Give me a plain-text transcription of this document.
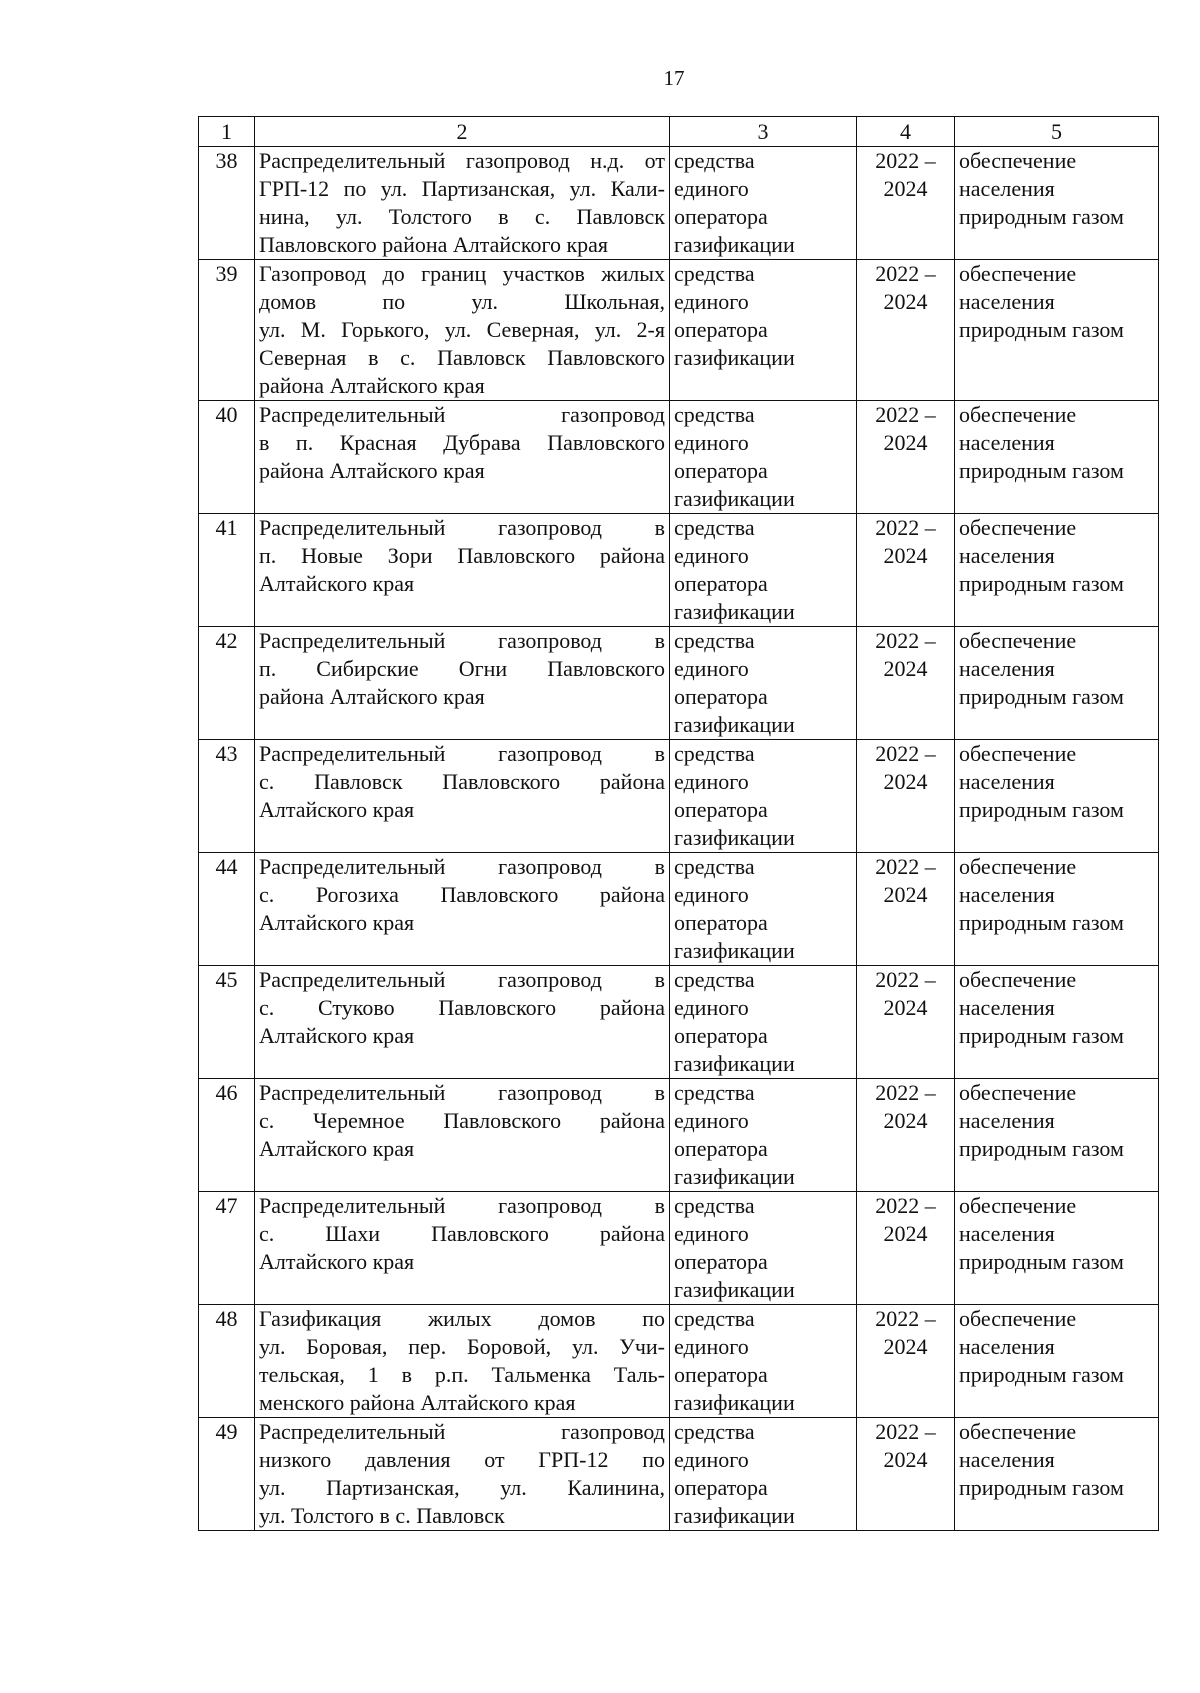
17
1	2	3	4	5
38	Распределительный газопровод н.д. от
ГРП-12 по ул. Партизанская, ул. Кали-
нина, ул. Толстого в с. Павловск
Павловского района Алтайского края	средства
единого
оператора
газификации	2022 –
2024	обеспечение
населения
природным газом

39	Газопровод до границ участков жилых
домов по ул. Школьная,
ул. М. Горького, ул. Северная, ул. 2-я
Северная в с. Павловск Павловского
района Алтайского края	средства
единого
оператора
газификации	2022 –
2024	обеспечение
населения
природным газом

40	Распределительный газопровод
в п. Красная Дубрава Павловского
района Алтайского края	средства
единого
оператора
газификации	2022 –
2024	обеспечение
населения
природным газом

41	Распределительный газопровод в
п. Новые Зори Павловского района
Алтайского края	средства
единого
оператора
газификации	2022 –
2024	обеспечение
населения
природным газом

42	Распределительный газопровод в
п. Сибирские Огни Павловского
района Алтайского края	средства
единого
оператора
газификации	2022 –
2024	обеспечение
населения
природным газом

43	Распределительный газопровод в
с. Павловск Павловского района
Алтайского края	средства
единого
оператора
газификации	2022 –
2024	обеспечение
населения
природным газом

44	Распределительный газопровод в
с. Рогозиха Павловского района
Алтайского края	средства
единого
оператора
газификации	2022 –
2024	обеспечение
населения
природным газом

45	Распределительный газопровод в
с. Стуково Павловского района
Алтайского края	средства
единого
оператора
газификации	2022 –
2024	обеспечение
населения
природным газом

46	Распределительный газопровод в
с. Черемное Павловского района
Алтайского края	средства
единого
оператора
газификации	2022 –
2024	обеспечение
населения
природным газом

47	Распределительный газопровод в
с. Шахи Павловского района
Алтайского края	средства
единого
оператора
газификации	2022 –
2024	обеспечение
населения
природным газом

48	Газификация жилых домов по
ул. Боровая, пер. Боровой, ул. Учи-
тельская, 1 в р.п. Тальменка Таль-
менского района Алтайского края	средства
единого
оператора
газификации	2022 –
2024	обеспечение
населения
природным газом

49	Распределительный газопровод
низкого давления от ГРП-12 по
ул. Партизанская, ул. Калинина,
ул. Толстого в с. Павловск	средства
единого
оператора
газификации	2022 –
2024	обеспечение
населения
природным газом
